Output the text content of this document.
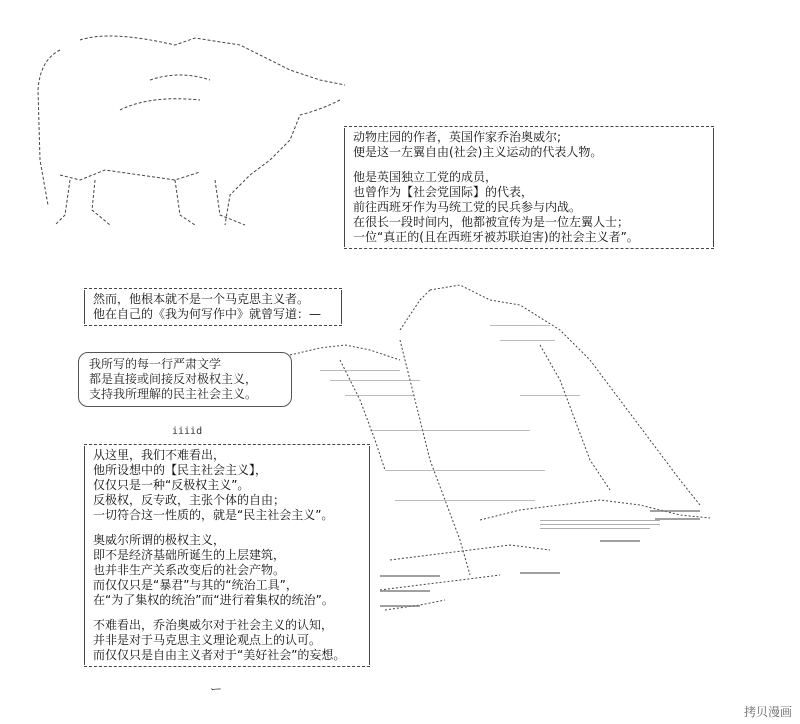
动物庄园的作者，英国作家乔治奥威尔;
便是这一左翼自由(社会)主义运动的代表人物。
他是英国独立工党的成员，
也曾作为【社会党国际】的代表，
前往西班牙作为马统工党的民兵参与内战。
在很长一段时间内，他都被宣传为是一位左翼人士；
一位“真正的(且在西班牙被苏联迫害)的社会主义者”。
然而，他根本就不是一个马克思主义者。
他在自己的《我为何写作中》就曾写道：—
我所写的每一行严肃文学
都是直接或间接反对极权主义，
支持我所理解的民主社会主义。
iiiid
从这里，我们不难看出，
他所设想中的【民主社会主义】，
仅仅只是一种“反极权主义”。
反极权，反专政，主张个体的自由；
一切符合这一性质的，就是“民主社会主义”。
奥威尔所谓的极权主义，
即不是经济基础所诞生的上层建筑，
也并非生产关系改变后的社会产物。
而仅仅只是“暴君”与其的“统治工具”，
在“为了集权的统治”而“进行着集权的统治”。
不难看出，乔治奥威尔对于社会主义的认知，
并非是对于马克思主义理论观点上的认可。
而仅仅只是自由主义者对于“美好社会”的妄想。
ー
拷贝漫画
